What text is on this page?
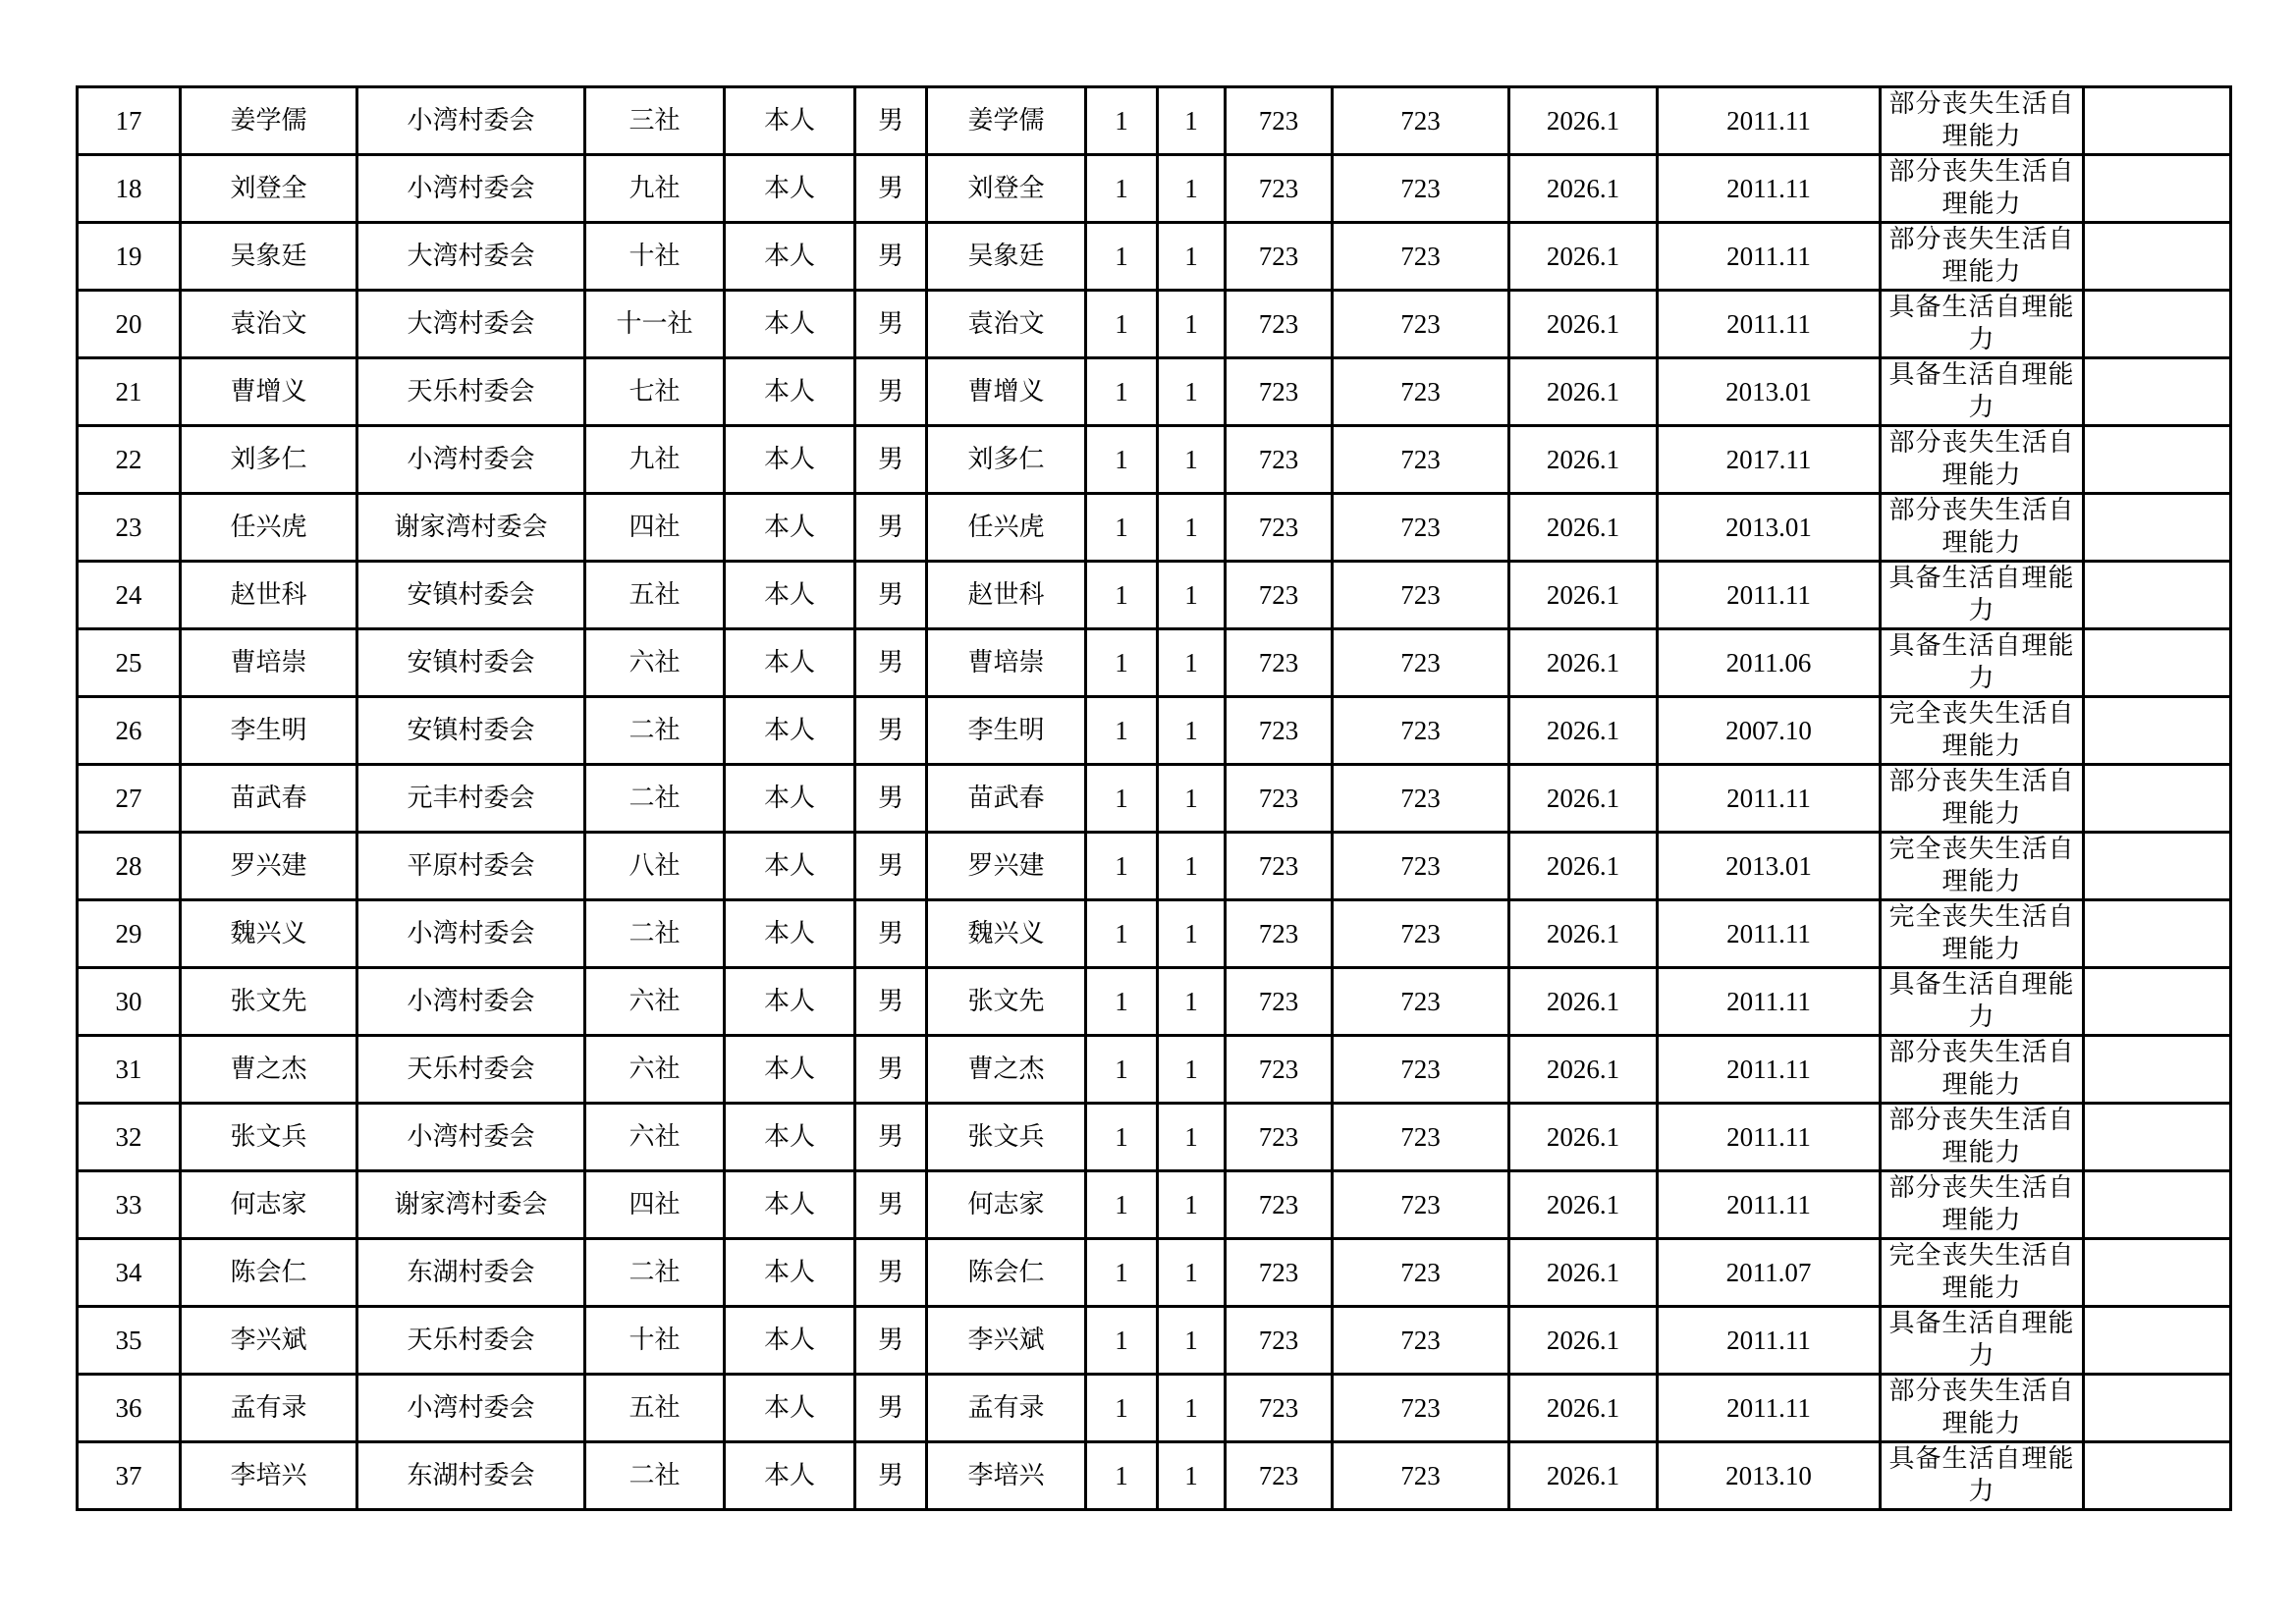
17	姜学儒	小湾村委会	三社	本人	男	姜学儒	1	1	723	723	2026.1	2011.11	部分丧失生活自理能力	

18	刘登全	小湾村委会	九社	本人	男	刘登全	1	1	723	723	2026.1	2011.11	部分丧失生活自理能力	

19	吴象廷	大湾村委会	十社	本人	男	吴象廷	1	1	723	723	2026.1	2011.11	部分丧失生活自理能力	

20	袁治文	大湾村委会	十一社	本人	男	袁治文	1	1	723	723	2026.1	2011.11	具备生活自理能力	

21	曹增义	天乐村委会	七社	本人	男	曹增义	1	1	723	723	2026.1	2013.01	具备生活自理能力	

22	刘多仁	小湾村委会	九社	本人	男	刘多仁	1	1	723	723	2026.1	2017.11	部分丧失生活自理能力	

23	任兴虎	谢家湾村委会	四社	本人	男	任兴虎	1	1	723	723	2026.1	2013.01	部分丧失生活自理能力	

24	赵世科	安镇村委会	五社	本人	男	赵世科	1	1	723	723	2026.1	2011.11	具备生活自理能力	

25	曹培崇	安镇村委会	六社	本人	男	曹培崇	1	1	723	723	2026.1	2011.06	具备生活自理能力	

26	李生明	安镇村委会	二社	本人	男	李生明	1	1	723	723	2026.1	2007.10	完全丧失生活自理能力	

27	苗武春	元丰村委会	二社	本人	男	苗武春	1	1	723	723	2026.1	2011.11	部分丧失生活自理能力	

28	罗兴建	平原村委会	八社	本人	男	罗兴建	1	1	723	723	2026.1	2013.01	完全丧失生活自理能力	

29	魏兴义	小湾村委会	二社	本人	男	魏兴义	1	1	723	723	2026.1	2011.11	完全丧失生活自理能力	

30	张文先	小湾村委会	六社	本人	男	张文先	1	1	723	723	2026.1	2011.11	具备生活自理能力	

31	曹之杰	天乐村委会	六社	本人	男	曹之杰	1	1	723	723	2026.1	2011.11	部分丧失生活自理能力	

32	张文兵	小湾村委会	六社	本人	男	张文兵	1	1	723	723	2026.1	2011.11	部分丧失生活自理能力	

33	何志家	谢家湾村委会	四社	本人	男	何志家	1	1	723	723	2026.1	2011.11	部分丧失生活自理能力	

34	陈会仁	东湖村委会	二社	本人	男	陈会仁	1	1	723	723	2026.1	2011.07	完全丧失生活自理能力	

35	李兴斌	天乐村委会	十社	本人	男	李兴斌	1	1	723	723	2026.1	2011.11	具备生活自理能力	

36	孟有录	小湾村委会	五社	本人	男	孟有录	1	1	723	723	2026.1	2011.11	部分丧失生活自理能力	

37	李培兴	东湖村委会	二社	本人	男	李培兴	1	1	723	723	2026.1	2013.10	具备生活自理能力	
